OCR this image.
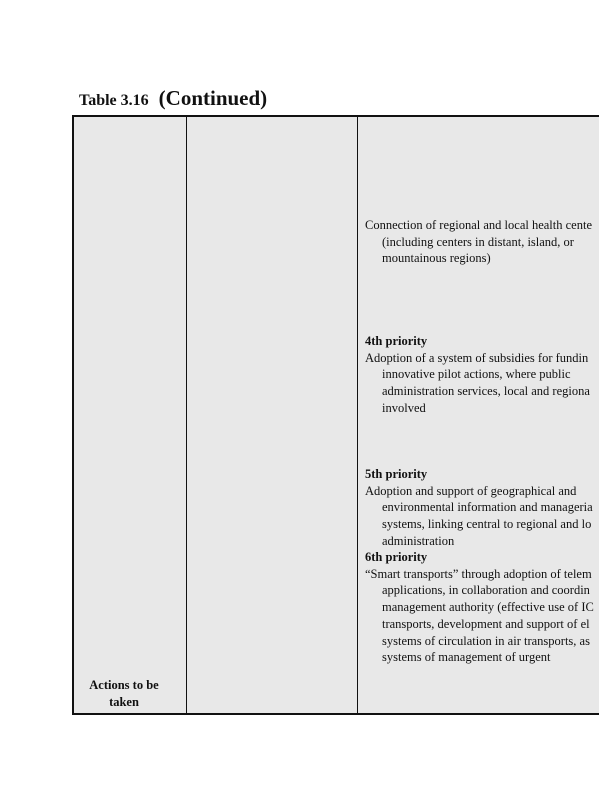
Table 3.16 (Continued)
Actions to be
taken

Connection of regional and local health cente
(including centers in distant, island, or
mountainous regions)

4th priority

Adoption of a system of subsidies for fundin
innovative pilot actions, where public
administration services, local and regiona
involved

5th priority

Adoption and support of geographical and
environmental information and manageria
systems, linking central to regional and lo
administration

6th priority

“Smart transports” through adoption of telem
applications, in collaboration and coordin
management authority (effective use of IC
transports, development and support of el
systems of circulation in air transports, as
systems of management of urgent
